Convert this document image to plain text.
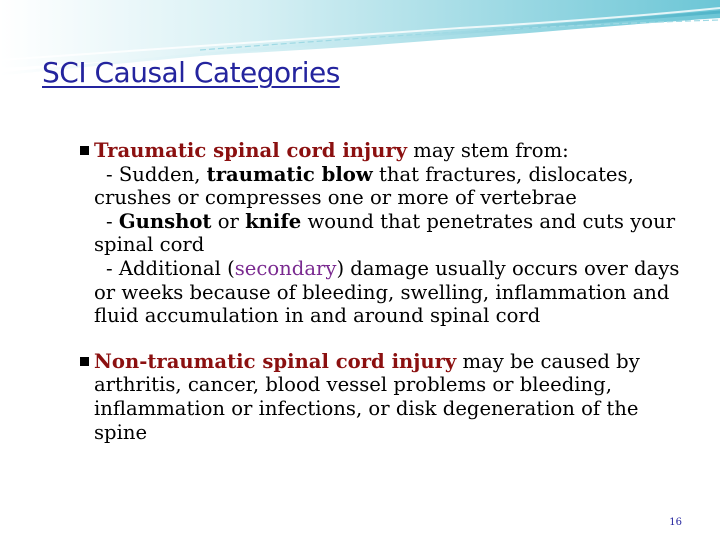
SCI Causal Categories
Traumatic spinal cord injury may stem from:
- Sudden, traumatic blow that fractures, dislocates, crushes or compresses one or more of vertebrae
- Gunshot or knife wound that penetrates and cuts your spinal cord
- Additional (secondary) damage usually occurs over days or weeks because of bleeding, swelling, inflammation and fluid accumulation in and around spinal cord
Non-traumatic spinal cord injury may be caused by arthritis, cancer, blood vessel problems or bleeding, inflammation or infections, or disk degeneration of the spine
16
